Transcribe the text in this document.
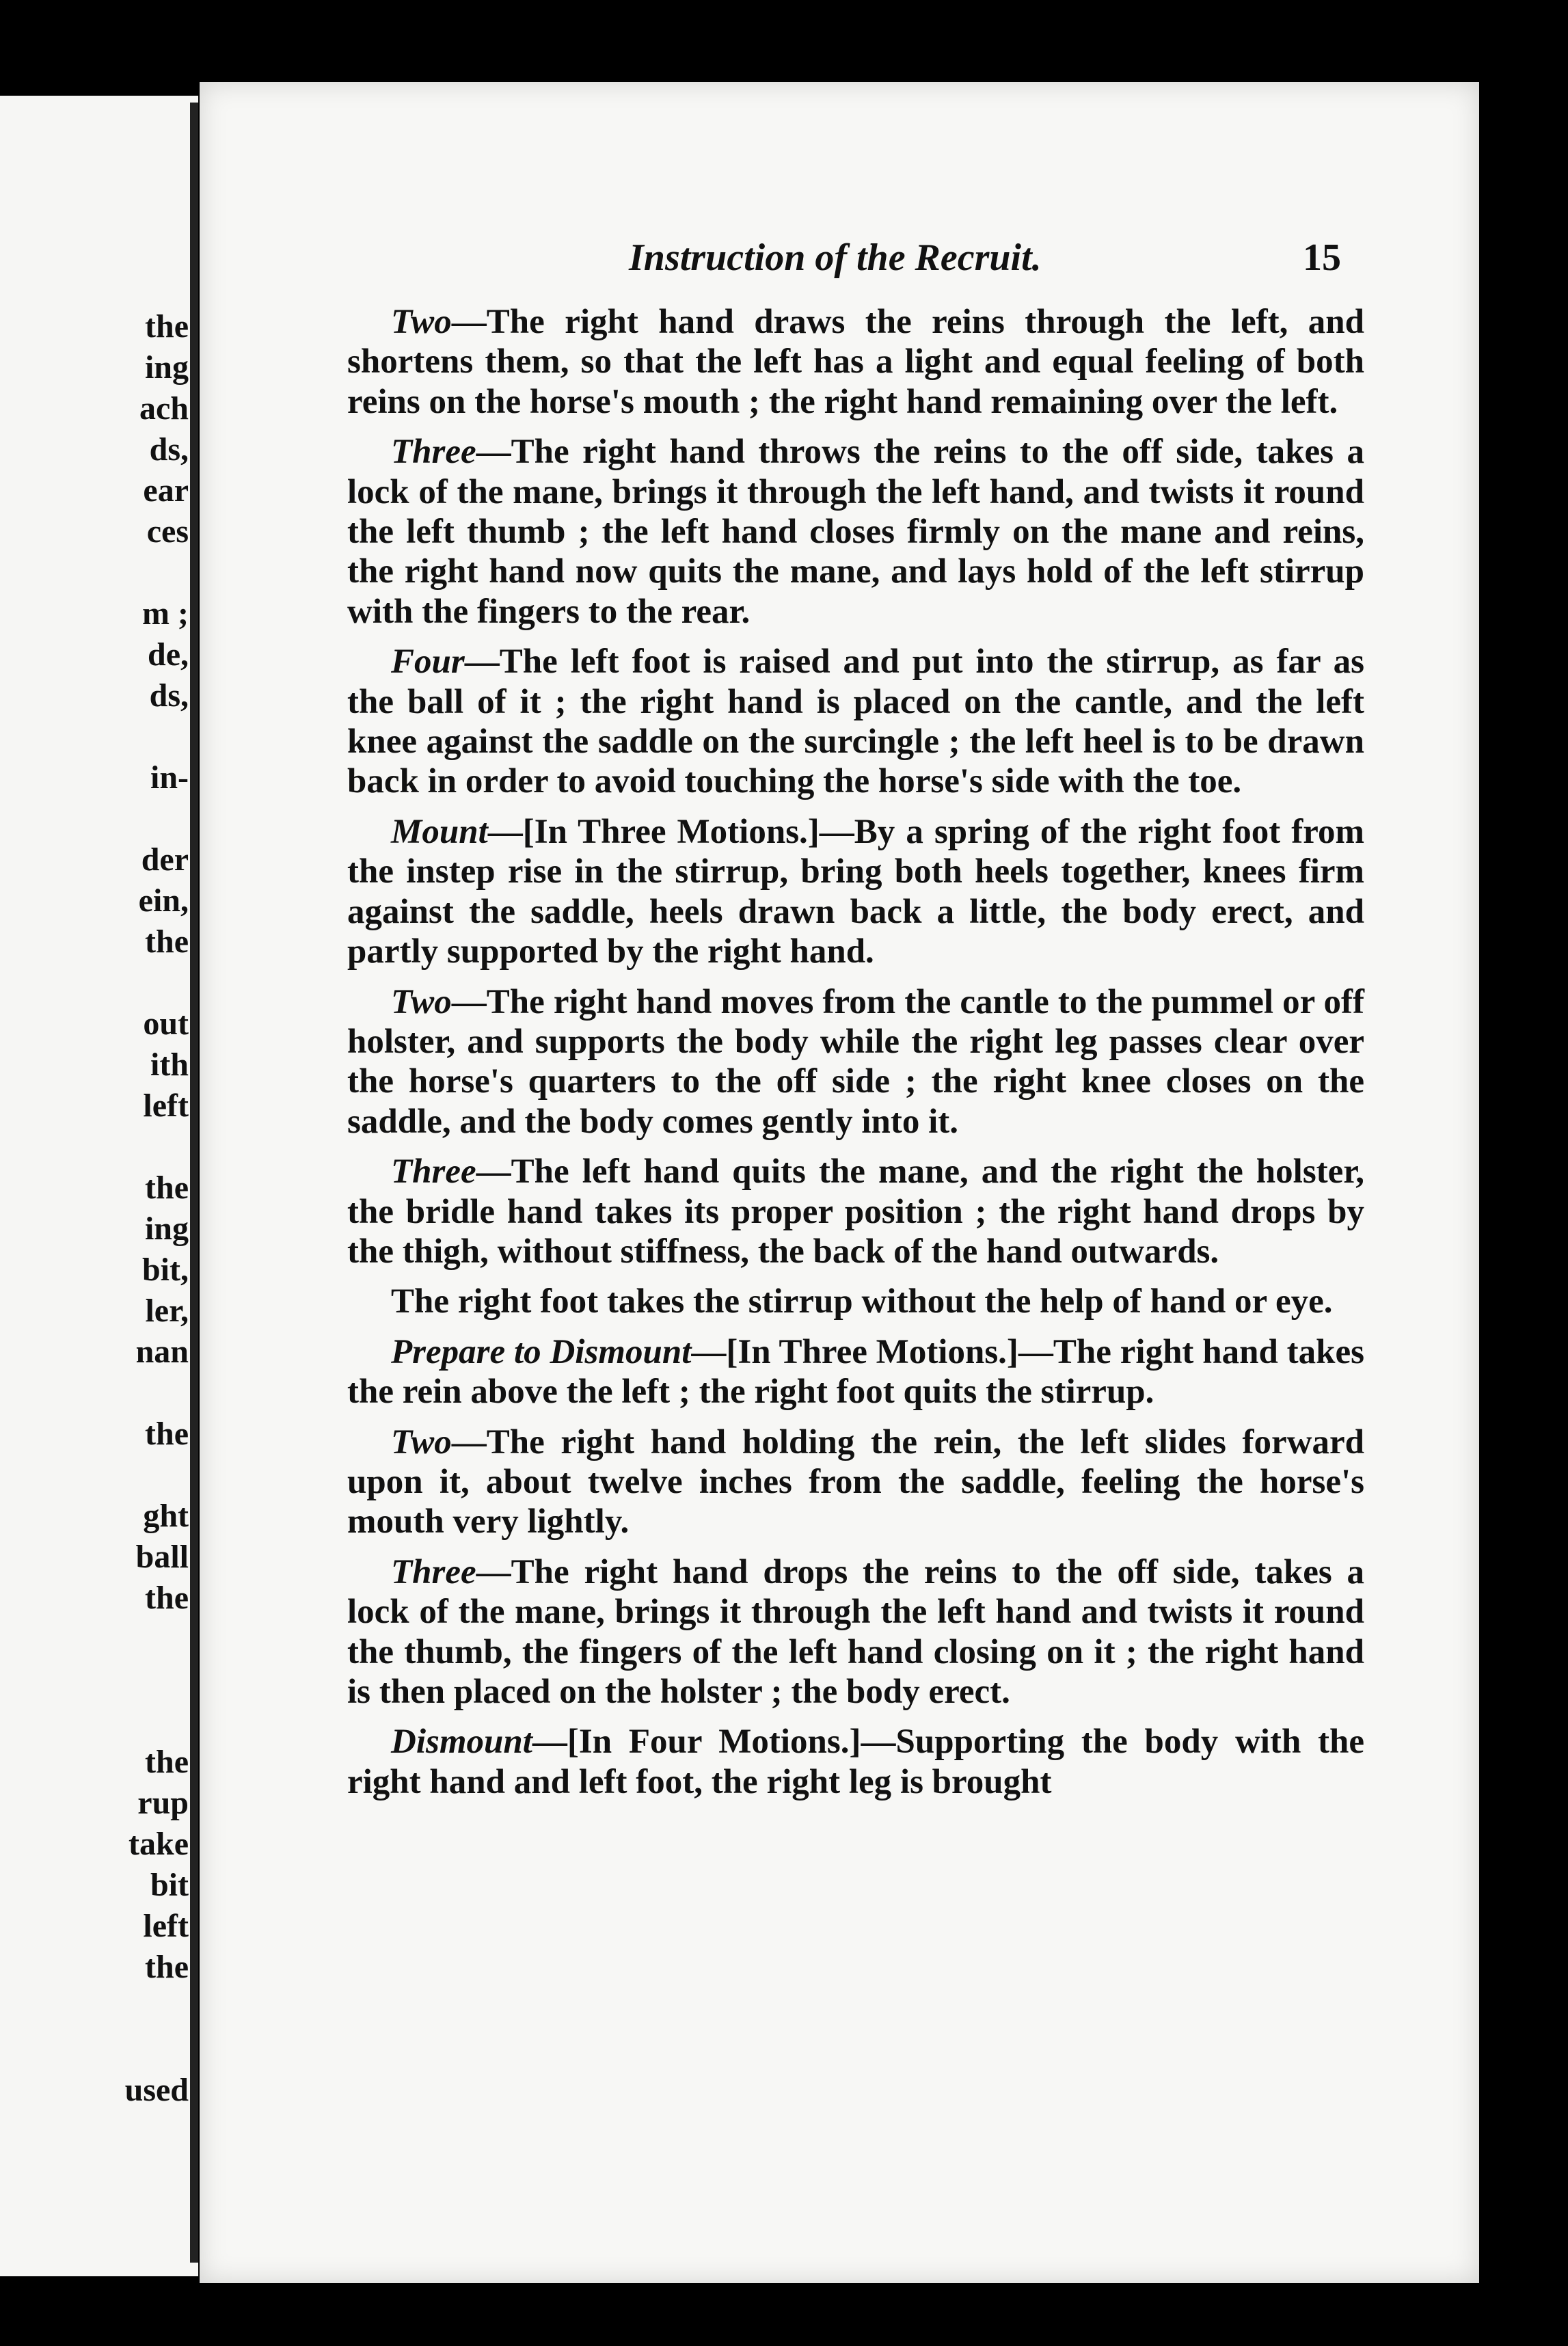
the
ing
ach
ds,
ear
ces
m ;
de,
ds,
in-
der
ein,
the
out
ith
left
the
ing
bit,
ler,
nan
the
ght
ball
the
the
rup
take
bit
left
the
used
Instruction of the Recruit.	15

Two—The right hand draws the reins through the left, and shortens them, so that the left has a light and equal feeling of both reins on the horse's mouth ; the right hand remaining over the left.

Three—The right hand throws the reins to the off side, takes a lock of the mane, brings it through the left hand, and twists it round the left thumb ; the left hand closes firmly on the mane and reins, the right hand now quits the mane, and lays hold of the left stirrup with the fingers to the rear.

Four—The left foot is raised and put into the stirrup, as far as the ball of it ; the right hand is placed on the cantle, and the left knee against the saddle on the surcingle ; the left heel is to be drawn back in order to avoid touching the horse's side with the toe.

Mount—[In Three Motions.]—By a spring of the right foot from the instep rise in the stirrup, bring both heels together, knees firm against the saddle, heels drawn back a little, the body erect, and partly supported by the right hand.

Two—The right hand moves from the cantle to the pummel or off holster, and supports the body while the right leg passes clear over the horse's quarters to the off side ; the right knee closes on the saddle, and the body comes gently into it.

Three—The left hand quits the mane, and the right the holster, the bridle hand takes its proper position ; the right hand drops by the thigh, without stiffness, the back of the hand outwards.

The right foot takes the stirrup without the help of hand or eye.

Prepare to Dismount—[In Three Motions.]—The right hand takes the rein above the left ; the right foot quits the stirrup.

Two—The right hand holding the rein, the left slides forward upon it, about twelve inches from the saddle, feeling the horse's mouth very lightly.

Three—The right hand drops the reins to the off side, takes a lock of the mane, brings it through the left hand and twists it round the thumb, the fingers of the left hand closing on it ; the right hand is then placed on the holster ; the body erect.

Dismount—[In Four Motions.]—Supporting the body with the right hand and left foot, the right leg is brought
